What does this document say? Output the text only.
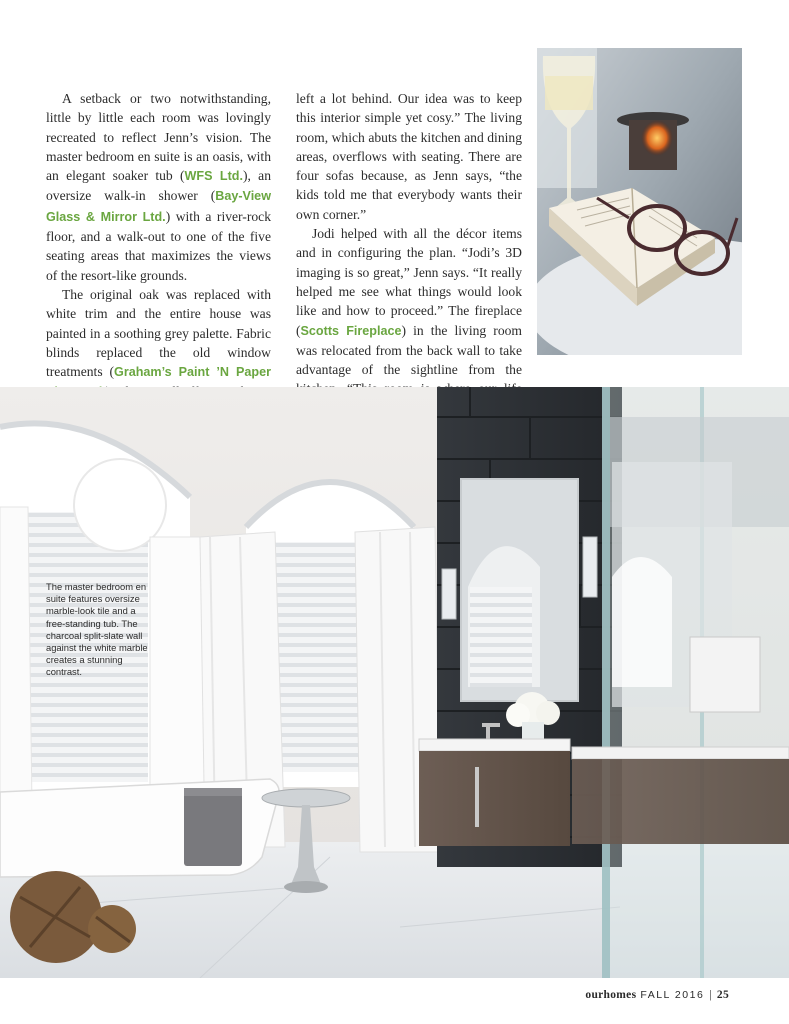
A setback or two notwithstanding, little by little each room was lovingly recreated to reflect Jenn’s vision. The master bedroom en suite is an oasis, with an elegant soaker tub (WFS Ltd.), an oversize walk-in shower (Bay-View Glass & Mirror Ltd.) with a river-rock floor, and a walk-out to one of the five seating areas that maximizes the views of the resort-like grounds.

The original oak was replaced with white trim and the entire house was painted in a soothing grey palette. Fabric blinds replaced the old window treatments (Graham’s Paint ’N Paper

left a lot behind. Our idea was to keep this interior simple yet cosy.” The living room, which abuts the kitchen and dining areas, overflows with seating. There are four sofas because, as Jenn says, “the kids told me that everybody wants their own corner.”

Jodi helped with all the décor items and in configuring the plan. “Jodi’s 3D imaging is so great,” Jenn says. “It really helped me see what things would look like and how to proceed.” The fireplace (Scotts Fireplace) in the living room was relocated from the back wall to take advantage of the sightline from the

The master bedroom en suite features oversize marble-look tile and a free-standing tub. The charcoal split-slate wall against the white marble creates a stunning contrast.
ourhomes FALL 2016 | 25
